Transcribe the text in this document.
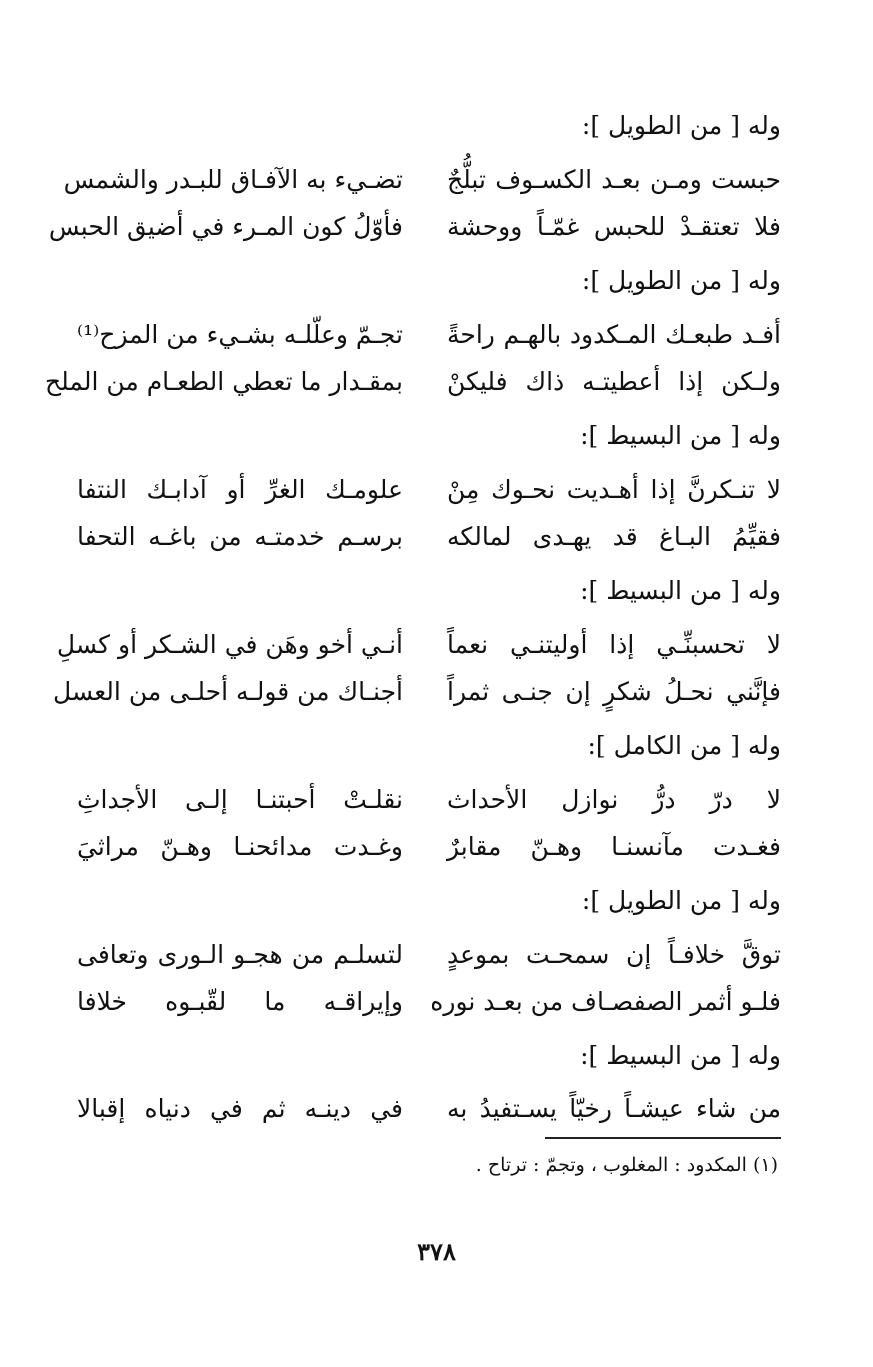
وله [ من الطويل ]:
حبست ومـن بعـد الكسـوف تبلُّجٌ
تضـيء به الآفـاق للبـدر والشمس
فلا تعتقـدْ للحبس غمّـاً ووحشة
فأوّلُ كون المـرء في أضيق الحبس
وله [ من الطويل ]:
أفـد طبعـك المـكدود بالهـم راحةً
تجـمّ وعلّلـه بشـيء من المزح⁽¹⁾
ولـكن إذا أعطيتـه ذاك فليكنْ
بمقـدار ما تعطي الطعـام من الملح
وله [ من البسيط ]:
لا تنـكرنَّ إذا أهـديت نحـوك مِنْ
علومـك الغرِّ أو آدابـك النتفا
فقيِّمُ البـاغ قد يهـدى لمالكه
برسـم خدمتـه من باغـه التحفا
وله [ من البسيط ]:
لا تحسبنِّـي إذا أوليتنـي نعماً
أنـي أخو وهَن في الشـكر أو كسلِ
فإنَّني نحـلُ شكرٍ إن جنـى ثمراً
أجنـاك من قولـه أحلـى من العسل
وله [ من الكامل ]:
لا درّ درُّ نوازل الأحداث
نقلـتْ أحبتنـا إلـى الأجداثِ
فغـدت مآنسنـا وهـنّ مقابرٌ
وغـدت مدائحنـا وهـنّ مراثيَ
وله [ من الطويل ]:
توقَّ خلافـاً إن سمحـت بموعدٍ
لتسلـم من هجـو الـورى وتعافى
فلـو أثمر الصفصـاف من بعـد نوره
وإيراقـه ما لقّبـوه خلافا
وله [ من البسيط ]:
من شاء عيشـاً رخيّاً يسـتفيدُ به
في دينـه ثم في دنياه إقبالا
(١) المكدود : المغلوب ، وتجمّ : ترتاح .
٣٧٨
